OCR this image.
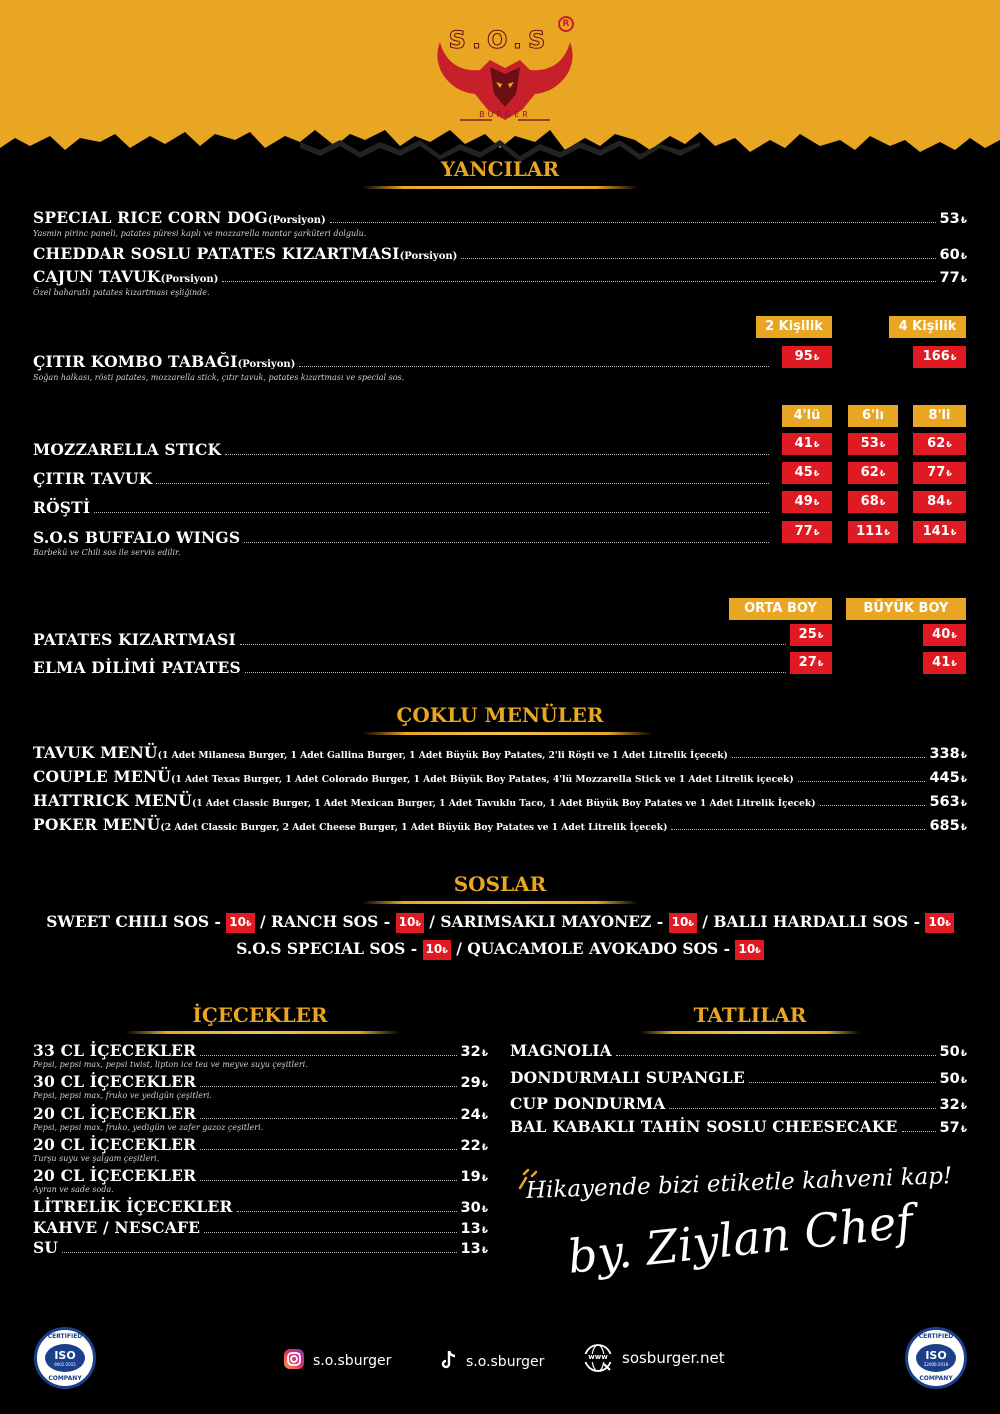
S.O.S
R
BURGER
YANCILAR
SPECIAL RICE CORN DOG(Porsiyon)	53₺
Yasmin pirinc paneli, patates püresi kaplı ve mozzarella mantar şarküteri dolgulu.
CHEDDAR SOSLU PATATES KIZARTMASI(Porsiyon)	60₺
CAJUN TAVUK(Porsiyon)	77₺
Özel baharatlı patates kızartması eşliğinde.
2 Kişilik	4 Kişilik
ÇITIR KOMBO TABAĞI(Porsiyon)
Soğan halkası, rösti patates, mozzarella stick, çıtır tavuk, patates kızartması ve special sos.
95₺	166₺
4'lü	6'lı	8'li
MOZZARELLA STICK	41₺	53₺	62₺
ÇITIR TAVUK	45₺	62₺	77₺
RÖŞTİ	49₺	68₺	84₺
S.O.S BUFFALO WINGS	77₺	111₺	141₺
Barbekü ve Chili sos ile servis edilir.
ORTA BOY	BÜYÜK BOY
PATATES KIZARTMASI	25₺	40₺
ELMA DİLİMİ PATATES	27₺	41₺
ÇOKLU MENÜLER
TAVUK MENÜ(1 Adet Milanesa Burger, 1 Adet Gallina Burger, 1 Adet Büyük Boy Patates, 2'li Röşti ve 1 Adet Litrelik İçecek)	338₺
COUPLE MENÜ(1 Adet Texas Burger, 1 Adet Colorado Burger, 1 Adet Büyük Boy Patates, 4'lü Mozzarella Stick ve 1 Adet Litrelik içecek)	445₺
HATTRICK MENÜ(1 Adet Classic Burger, 1 Adet Mexican Burger, 1 Adet Tavuklu Taco, 1 Adet Büyük Boy Patates ve 1 Adet Litrelik İçecek)	563₺
POKER MENÜ(2 Adet Classic Burger, 2 Adet Cheese Burger, 1 Adet Büyük Boy Patates ve 1 Adet Litrelik İçecek)	685₺
SOSLAR
SWEET CHILI SOS - 10₺ / RANCH SOS - 10₺ / SARIMSAKLI MAYONEZ - 10₺ / BALLI HARDALLI SOS - 10₺
S.O.S SPECIAL SOS - 10₺ / QUACAMOLE AVOKADO SOS - 10₺
İÇECEKLER
33 CL İÇECEKLER	32₺
Pepsi, pepsi max, pepsi twist, lipton ice tea ve meyve suyu çeşitleri.
30 CL İÇECEKLER	29₺
Pepsi, pepsi max, fruko ve yedigün çeşitleri.
20 CL İÇECEKLER	24₺
Pepsi, pepsi max, fruko, yedigün ve zafer gazoz çeşitleri.
20 CL İÇECEKLER	22₺
Turşu suyu ve şalgam çeşitleri.
20 CL İÇECEKLER	19₺
Ayran ve sade soda.
LİTRELİK İÇECEKLER	30₺
KAHVE / NESCAFE	13₺
SU	13₺
TATLILAR
MAGNOLIA	50₺
DONDURMALI SUPANGLE	50₺
CUP DONDURMA	32₺
BAL KABAKLI TAHİN SOSLU CHEESECAKE	57₺
Hikayende bizi etiketle kahveni kap!
by. Ziylan Chef
CERTIFIED
ISO
9001:2015
COMPANY
CERTIFIED
ISO
22000:2018
COMPANY
s.o.sburger	s.o.sburger	www sosburger.net
